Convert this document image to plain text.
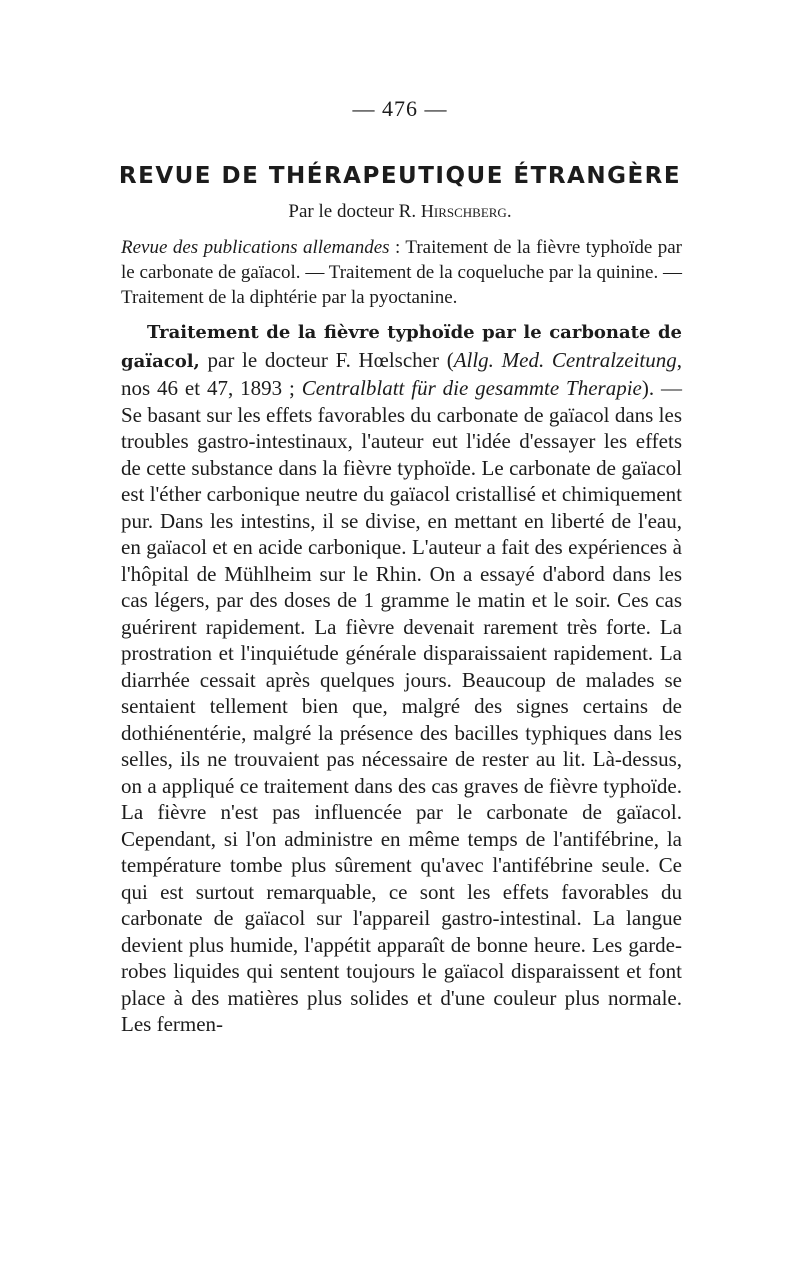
— 476 —
REVUE DE THÉRAPEUTIQUE ÉTRANGÈRE
Par le docteur R. Hirschberg.
Revue des publications allemandes : Traitement de la fièvre typhoïde par le carbonate de gaïacol. — Traitement de la coqueluche par la quinine. — Traitement de la diphtérie par la pyoctanine.
Traitement de la fièvre typhoïde par le carbonate de gaïacol, par le docteur F. Hœlscher (Allg. Med. Centralzeitung, nos 46 et 47, 1893 ; Centralblatt für die gesammte Therapie). — Se basant sur les effets favorables du carbonate de gaïacol dans les troubles gastro-intestinaux, l'auteur eut l'idée d'essayer les effets de cette substance dans la fièvre typhoïde. Le carbonate de gaïacol est l'éther carbonique neutre du gaïacol cristallisé et chimiquement pur. Dans les intestins, il se divise, en mettant en liberté de l'eau, en gaïacol et en acide carbonique. L'auteur a fait des expériences à l'hôpital de Mühlheim sur le Rhin. On a essayé d'abord dans les cas légers, par des doses de 1 gramme le matin et le soir. Ces cas guérirent rapidement. La fièvre devenait rarement très forte. La prostration et l'inquiétude générale disparaissaient rapidement. La diarrhée cessait après quelques jours. Beaucoup de malades se sentaient tellement bien que, malgré des signes certains de dothiénentérie, malgré la présence des bacilles typhiques dans les selles, ils ne trouvaient pas nécessaire de rester au lit. Là-dessus, on a appliqué ce traitement dans des cas graves de fièvre typhoïde. La fièvre n'est pas influencée par le carbonate de gaïacol. Cependant, si l'on administre en même temps de l'antifébrine, la température tombe plus sûrement qu'avec l'antifébrine seule. Ce qui est surtout remarquable, ce sont les effets favorables du carbonate de gaïacol sur l'appareil gastro-intestinal. La langue devient plus humide, l'appétit apparaît de bonne heure. Les garde-robes liquides qui sentent toujours le gaïacol disparaissent et font place à des matières plus solides et d'une couleur plus normale. Les fermen-
